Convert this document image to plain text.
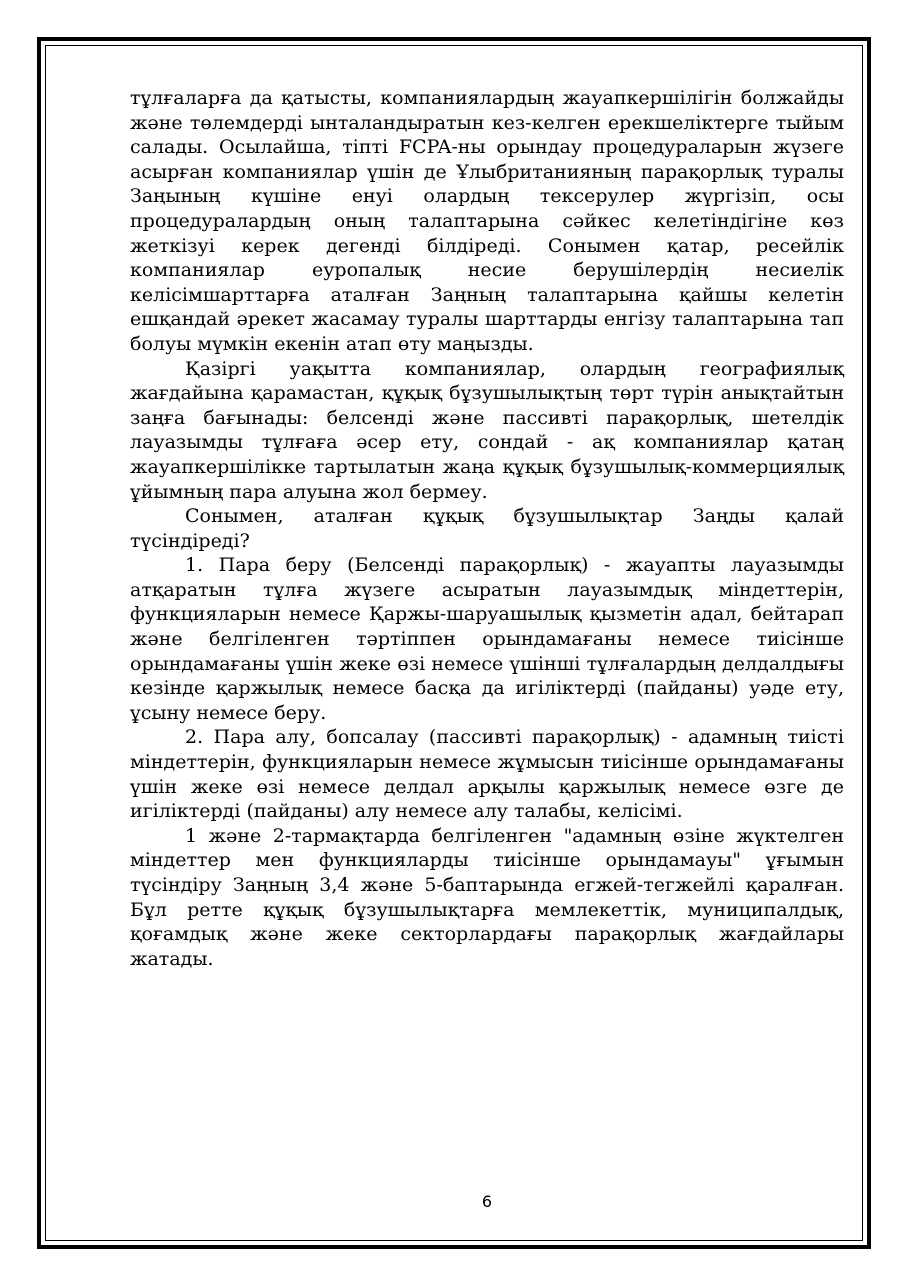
тұлғаларға да қатысты, компаниялардың жауапкершілігін болжайды және төлемдерді ынталандыратын кез-келген ерекшеліктерге тыйым салады. Осылайша, тіпті FCPA-ны орындау процедураларын жүзеге асырған компаниялар үшін де Ұлыбританияның парақорлық туралы Заңының күшіне енуі олардың тексерулер жүргізіп, осы процедуралардың оның талаптарына сәйкес келетіндігіне көз жеткізуі керек дегенді білдіреді. Сонымен қатар, ресейлік компаниялар еуропалық несие берушілердің несиелік келісімшарттарға аталған Заңның талаптарына қайшы келетін ешқандай әрекет жасамау туралы шарттарды енгізу талаптарына тап болуы мүмкін екенін атап өту маңызды.

Қазіргі уақытта компаниялар, олардың географиялық жағдайына қарамастан, құқық бұзушылықтың төрт түрін анықтайтын заңға бағынады: белсенді және пассивті парақорлық, шетелдік лауазымды тұлғаға әсер ету, сондай - ақ компаниялар қатаң жауапкершілікке тартылатын жаңа құқық бұзушылық-коммерциялық ұйымның пара алуына жол бермеу.

Сонымен, аталған құқық бұзушылықтар Заңды қалай түсіндіреді?

1. Пара беру (Белсенді парақорлық) - жауапты лауазымды атқаратын тұлға жүзеге асыратын лауазымдық міндеттерін, функцияларын немесе Қаржы-шаруашылық қызметін адал, бейтарап және белгіленген тәртіппен орындамағаны немесе тиісінше орындамағаны үшін жеке өзі немесе үшінші тұлғалардың делдалдығы кезінде қаржылық немесе басқа да игіліктерді (пайданы) уәде ету, ұсыну немесе беру.

2. Пара алу, бопсалау (пассивті парақорлық) - адамның тиісті міндеттерін, функцияларын немесе жұмысын тиісінше орындамағаны үшін жеке өзі немесе делдал арқылы қаржылық немесе өзге де игіліктерді (пайданы) алу немесе алу талабы, келісімі.

1 және 2-тармақтарда белгіленген "адамның өзіне жүктелген міндеттер мен функцияларды тиісінше орындамауы" ұғымын түсіндіру Заңның 3,4 және 5-баптарында егжей-тегжейлі қаралған. Бұл ретте құқық бұзушылықтарға мемлекеттік, муниципалдық, қоғамдық және жеке секторлардағы парақорлық жағдайлары жатады.

6
